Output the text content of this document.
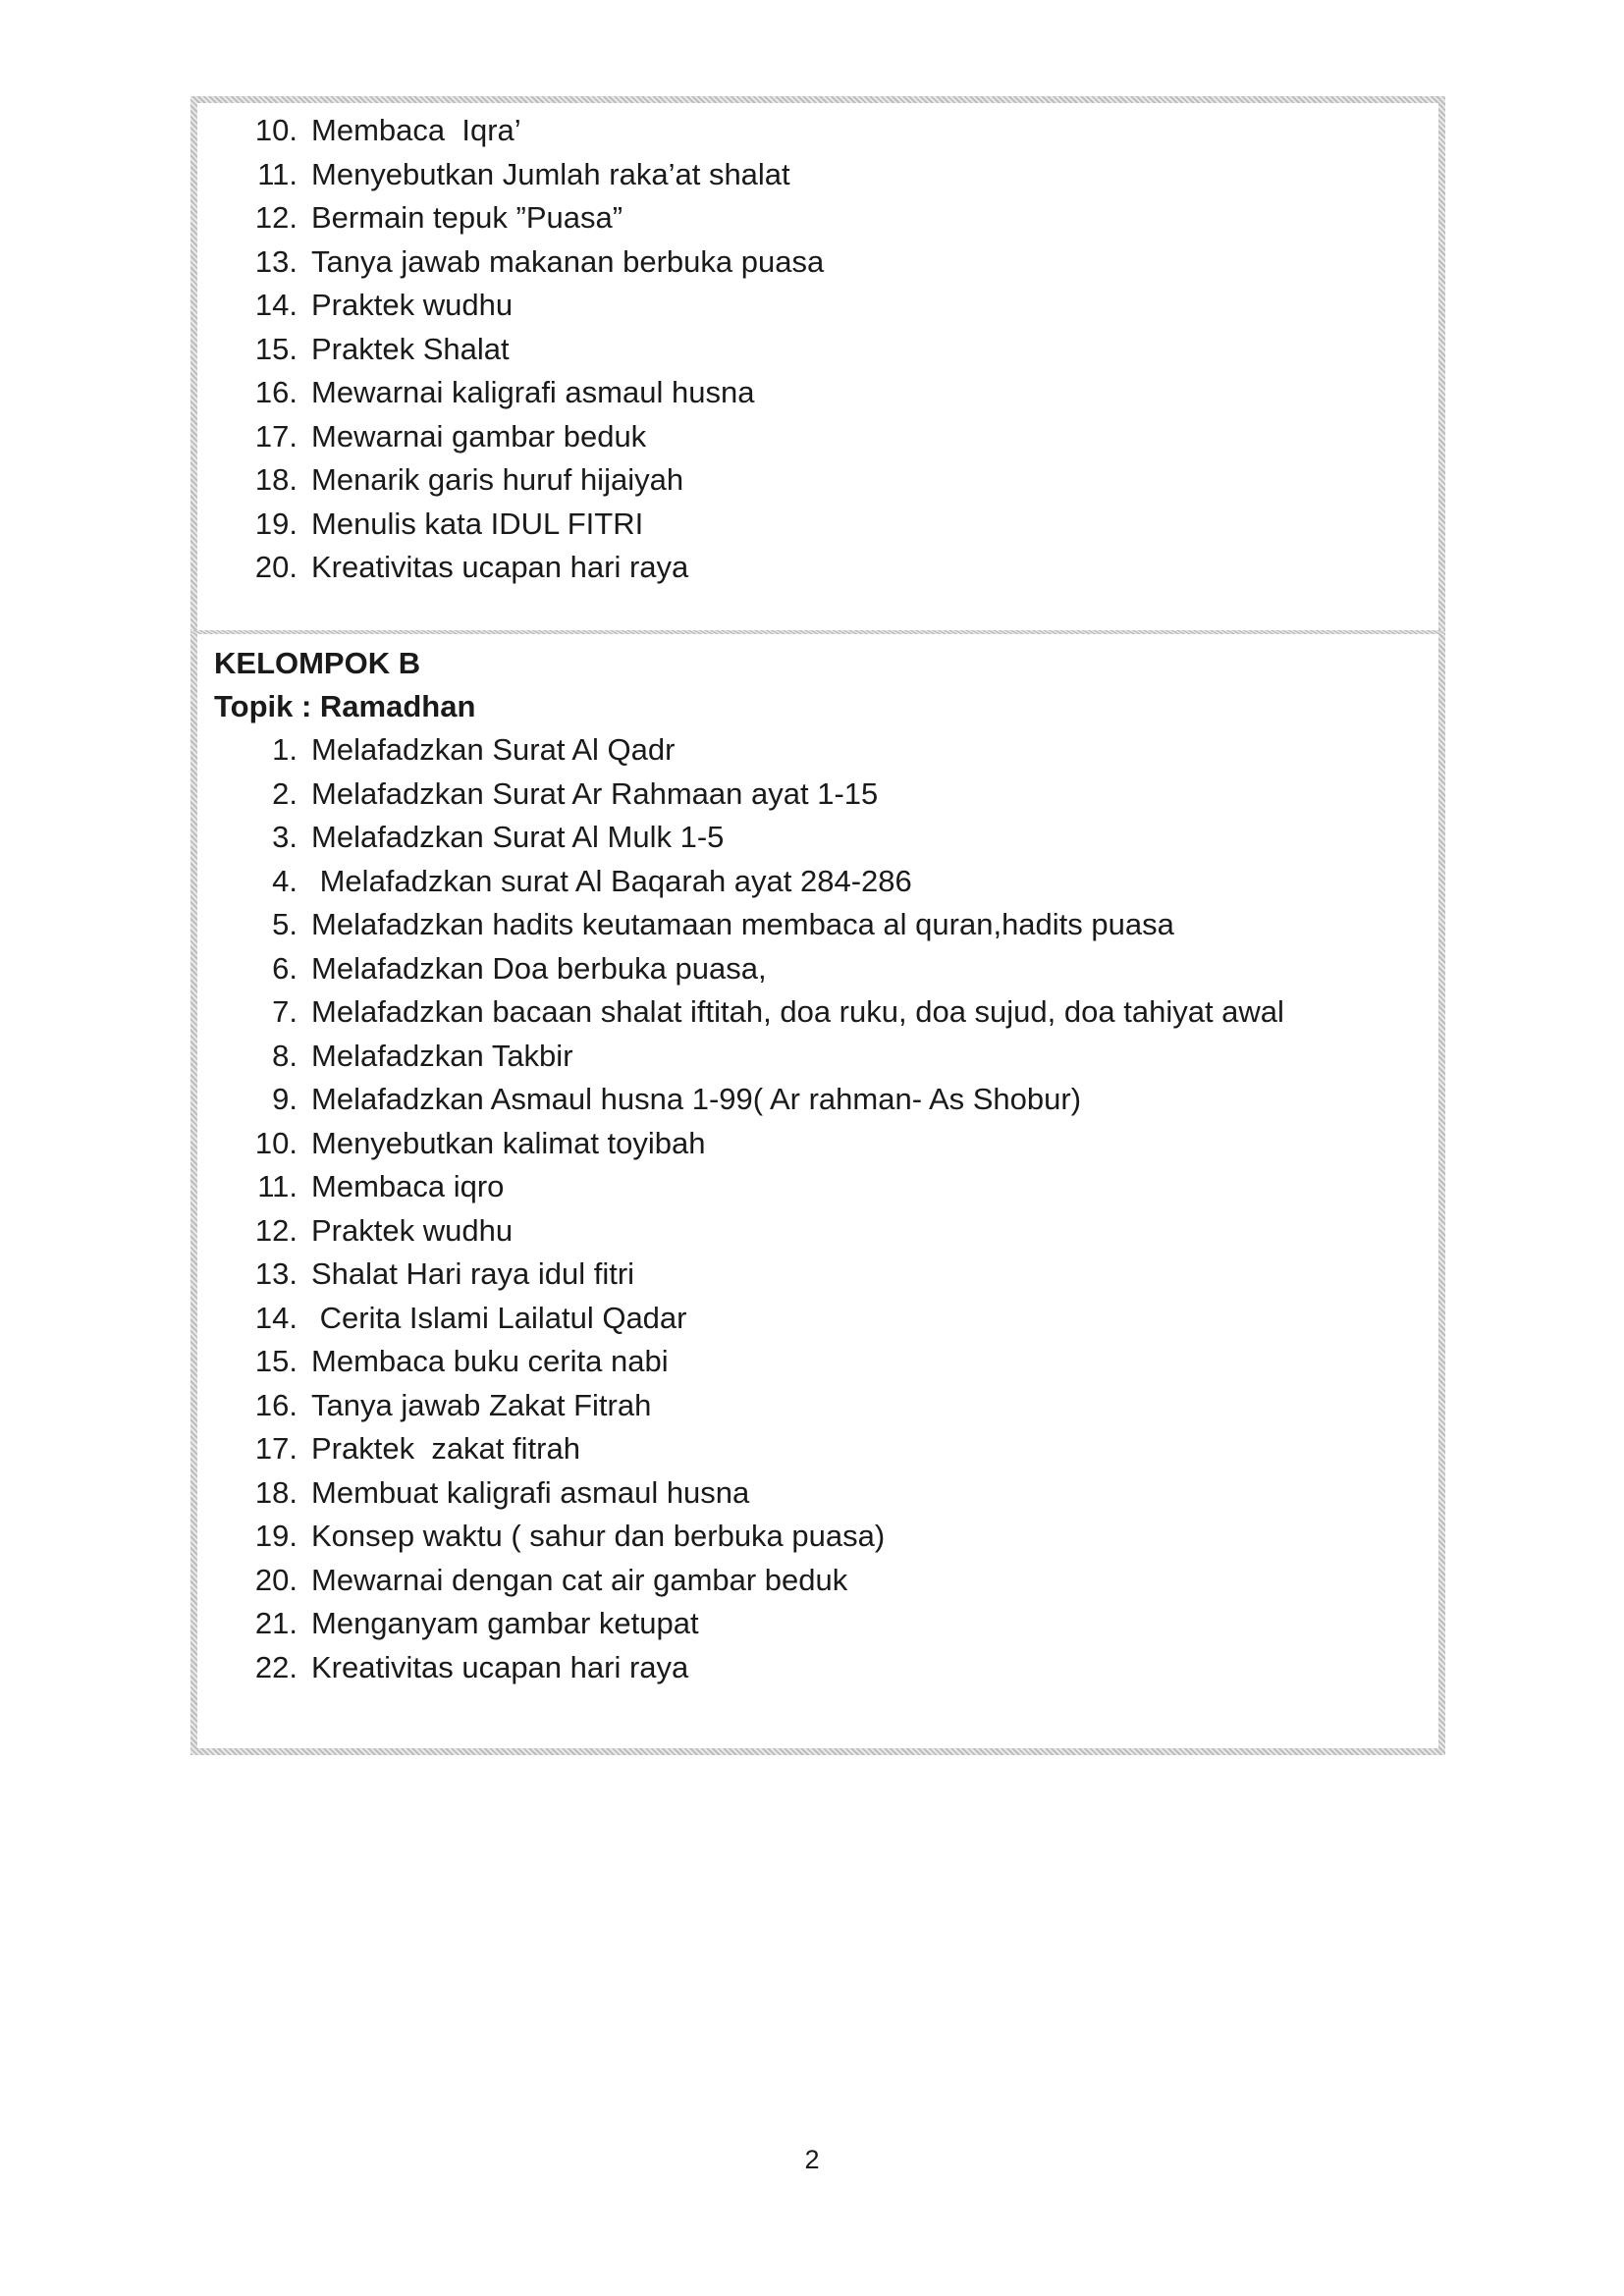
10. Membaca  Iqra’
11. Menyebutkan Jumlah raka’at shalat
12. Bermain tepuk ”Puasa”
13. Tanya jawab makanan berbuka puasa
14. Praktek wudhu
15. Praktek Shalat
16. Mewarnai kaligrafi asmaul husna
17. Mewarnai gambar beduk
18. Menarik garis huruf hijaiyah
19. Menulis kata IDUL FITRI
20. Kreativitas ucapan hari raya
KELOMPOK B
Topik : Ramadhan
1. Melafadzkan Surat Al Qadr
2. Melafadzkan Surat Ar Rahmaan ayat 1-15
3. Melafadzkan Surat Al Mulk 1-5
4. Melafadzkan surat Al Baqarah ayat 284-286
5. Melafadzkan hadits keutamaan membaca al quran,hadits puasa
6. Melafadzkan Doa berbuka puasa,
7. Melafadzkan bacaan shalat iftitah, doa ruku, doa sujud, doa tahiyat awal
8. Melafadzkan Takbir
9. Melafadzkan Asmaul husna 1-99( Ar rahman- As Shobur)
10. Menyebutkan kalimat toyibah
11. Membaca iqro
12. Praktek wudhu
13. Shalat Hari raya idul fitri
14. Cerita Islami Lailatul Qadar
15. Membaca buku cerita nabi
16. Tanya jawab Zakat Fitrah
17. Praktek  zakat fitrah
18. Membuat kaligrafi asmaul husna
19. Konsep waktu ( sahur dan berbuka puasa)
20. Mewarnai dengan cat air gambar beduk
21. Menganyam gambar ketupat
22. Kreativitas ucapan hari raya
2
